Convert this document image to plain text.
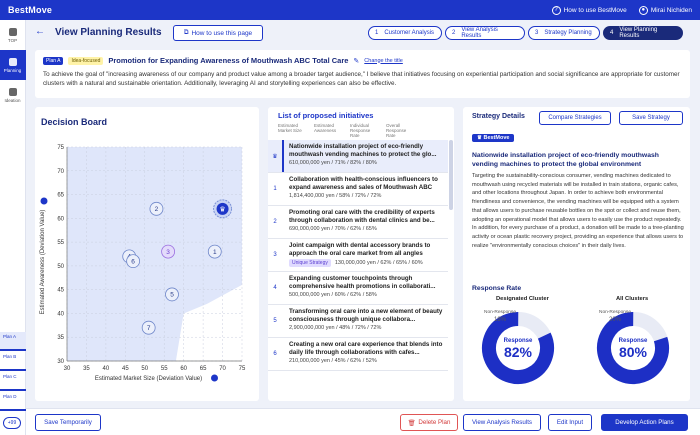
BestMove	? How to use BestMove	● Mirai Nichiden
TOP
Planning
Ideation
Plan A
Plan B
Plan C
Plan D
+99
← View Planning Results	⧉ How to use this page	1 Customer Analysis	2 View Analysis Results	3 Strategy Planning	4 View Planning Results
Plan A	Idea-focused	Promotion for Expanding Awareness of Mouthwash ABC Total Care ✎ Change the title
To achieve the goal of "increasing awareness of our company and product value among a broader target audience," I believe that initiatives focusing on experiential participation and social significance are appropriate for customer clusters with a natural and sustainable orientation. Additionally, leveraging AI and storytelling experiences can also be effective.
Decision Board
30 35 40 45 50 55 60 65 70 75
30
35
40
45
50
55
60
65
70
75
Estimated Market Size (Deviation Value)
Estimated Awareness (Deviation Value)	1
2
3
5
6
7
♛
List of proposed initiatives
Estimated Market Size
Estimated Awareness
Individual Response Rate
Overall Response Rate
♛
Nationwide installation project of eco-friendly mouthwash vending machines to protect the glo...
610,000,000 yen / 71% / 82% / 80%
1
Collaboration with health-conscious influencers to expand awareness and sales of Mouthwash ABC
1,814,400,000 yen / 58% / 72% / 72%
2
Promoting oral care with the credibility of experts through collaboration with dental clinics and be...
690,000,000 yen / 70% / 62% / 65%
3
Joint campaign with dental accessory brands to approach the oral care market from all angles
Unique Strategy	130,000,000 yen / 62% / 65% / 60%
4
Expanding customer touchpoints through comprehensive health promotions in collaborati...
500,000,000 yen / 60% / 62% / 58%
5
Transforming oral care into a new element of beauty consciousness through unique collabora...
2,900,000,000 yen / 48% / 72% / 72%
6
Creating a new oral care experience that blends into daily life through collaborations with cafes...
210,000,000 yen / 45% / 62% / 52%
Strategy Details	Compare Strategies	Save Strategy
♛ BestMove
Nationwide installation project of eco-friendly mouthwash vending machines to protect the global environment
Targeting the sustainability-conscious consumer, vending machines dedicated to mouthwash using recycled materials will be installed in train stations, organic cafes, and other locations throughout Japan. In order to achieve both environmental friendliness and convenience, the vending machines will be equipped with a system that allows users to purchase reusable bottles on the spot or collect and reuse them, adopting an operational model that allows users to easily use the product repeatedly. In addition, for every purchase of a product, a donation will be made to a tree-planting activity or ocean plastic recovery project, providing an experience that allows users to realize "environmentally conscious choices" in their daily lives.
Response Rate
Designated Cluster	All Clusters
Response
82%
Non-Response
18%
Response
80%
Non-Response
20%
Save Temporarily	🗑 Delete Plan	View Analysis Results	Edit Input	Develop Action Plans
